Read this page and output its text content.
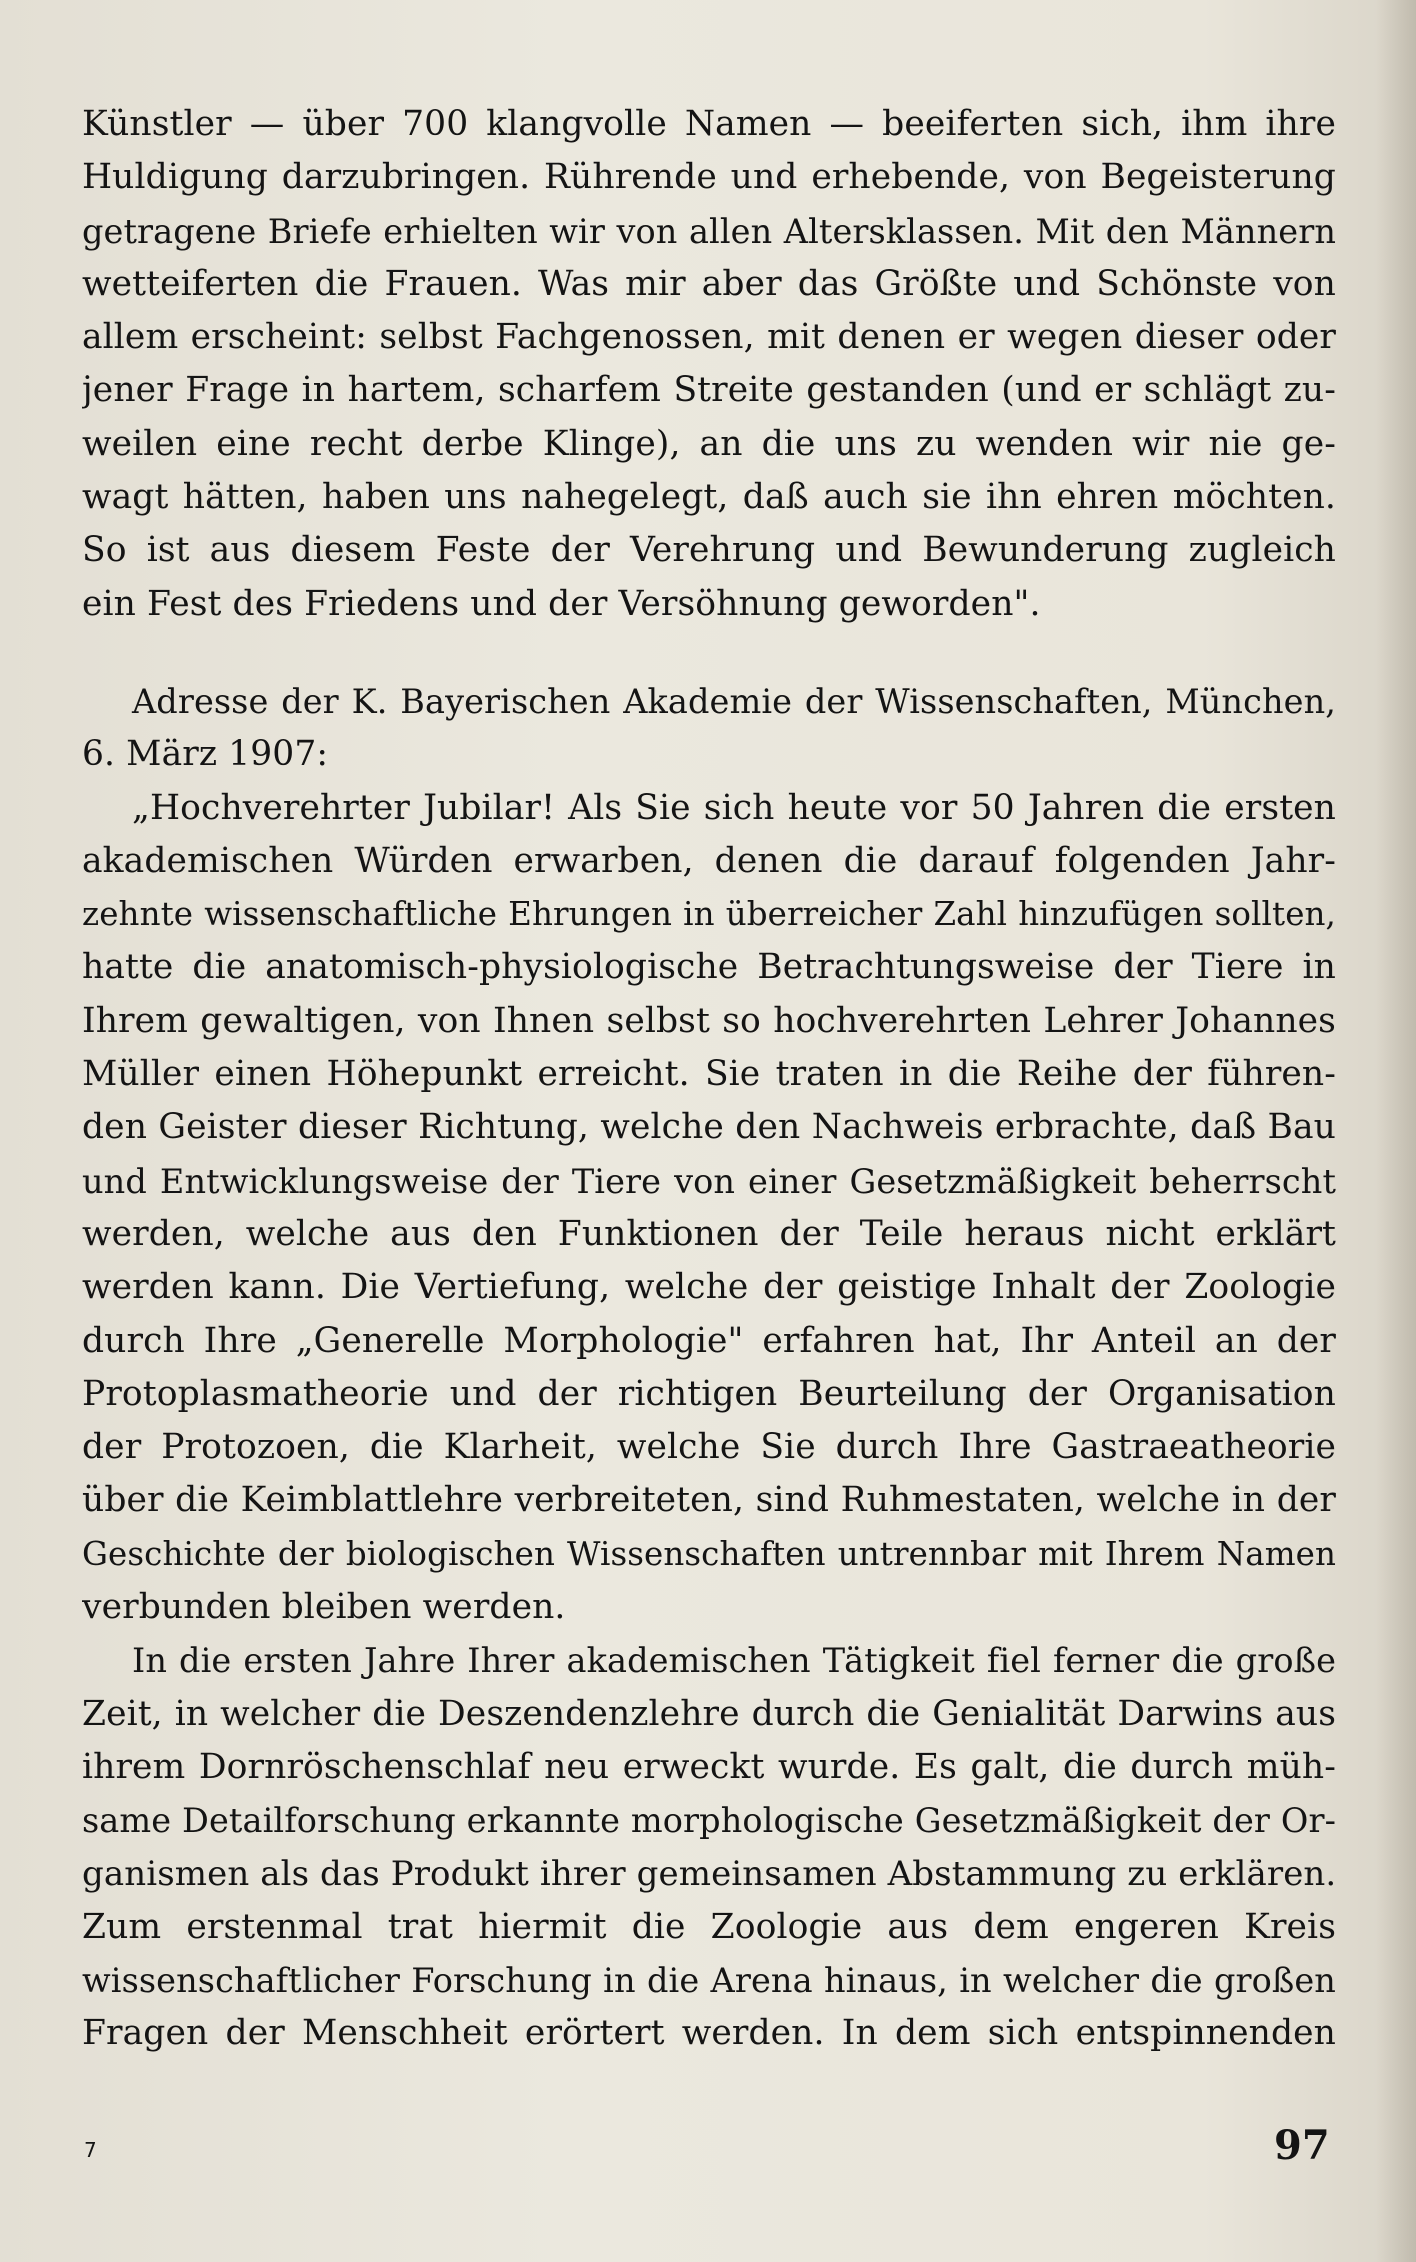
Künstler — über 700 klangvolle Namen — beeiferten sich, ihm ihre
Huldigung darzubringen. Rührende und erhebende, von Begeisterung
getragene Briefe erhielten wir von allen Altersklassen. Mit den Männern
wetteiferten die Frauen. Was mir aber das Größte und Schönste von
allem erscheint: selbst Fachgenossen, mit denen er wegen dieser oder
jener Frage in hartem, scharfem Streite gestanden (und er schlägt zu-
weilen eine recht derbe Klinge), an die uns zu wenden wir nie ge-
wagt hätten, haben uns nahegelegt, daß auch sie ihn ehren möchten.
So ist aus diesem Feste der Verehrung und Bewunderung zugleich
ein Fest des Friedens und der Versöhnung geworden".
Adresse der K. Bayerischen Akademie der Wissenschaften, München,
6. März 1907:
„Hochverehrter Jubilar! Als Sie sich heute vor 50 Jahren die ersten
akademischen Würden erwarben, denen die darauf folgenden Jahr-
zehnte wissenschaftliche Ehrungen in überreicher Zahl hinzufügen sollten,
hatte die anatomisch-physiologische Betrachtungsweise der Tiere in
Ihrem gewaltigen, von Ihnen selbst so hochverehrten Lehrer Johannes
Müller einen Höhepunkt erreicht. Sie traten in die Reihe der führen-
den Geister dieser Richtung, welche den Nachweis erbrachte, daß Bau
und Entwicklungsweise der Tiere von einer Gesetzmäßigkeit beherrscht
werden, welche aus den Funktionen der Teile heraus nicht erklärt
werden kann. Die Vertiefung, welche der geistige Inhalt der Zoologie
durch Ihre „Generelle Morphologie" erfahren hat, Ihr Anteil an der
Protoplasmatheorie und der richtigen Beurteilung der Organisation
der Protozoen, die Klarheit, welche Sie durch Ihre Gastraeatheorie
über die Keimblattlehre verbreiteten, sind Ruhmestaten, welche in der
Geschichte der biologischen Wissenschaften untrennbar mit Ihrem Namen
verbunden bleiben werden.
In die ersten Jahre Ihrer akademischen Tätigkeit fiel ferner die große
Zeit, in welcher die Deszendenzlehre durch die Genialität Darwins aus
ihrem Dornröschenschlaf neu erweckt wurde. Es galt, die durch müh-
same Detailforschung erkannte morphologische Gesetzmäßigkeit der Or-
ganismen als das Produkt ihrer gemeinsamen Abstammung zu erklären.
Zum erstenmal trat hiermit die Zoologie aus dem engeren Kreis
wissenschaftlicher Forschung in die Arena hinaus, in welcher die großen
Fragen der Menschheit erörtert werden. In dem sich entspinnenden
7	97
